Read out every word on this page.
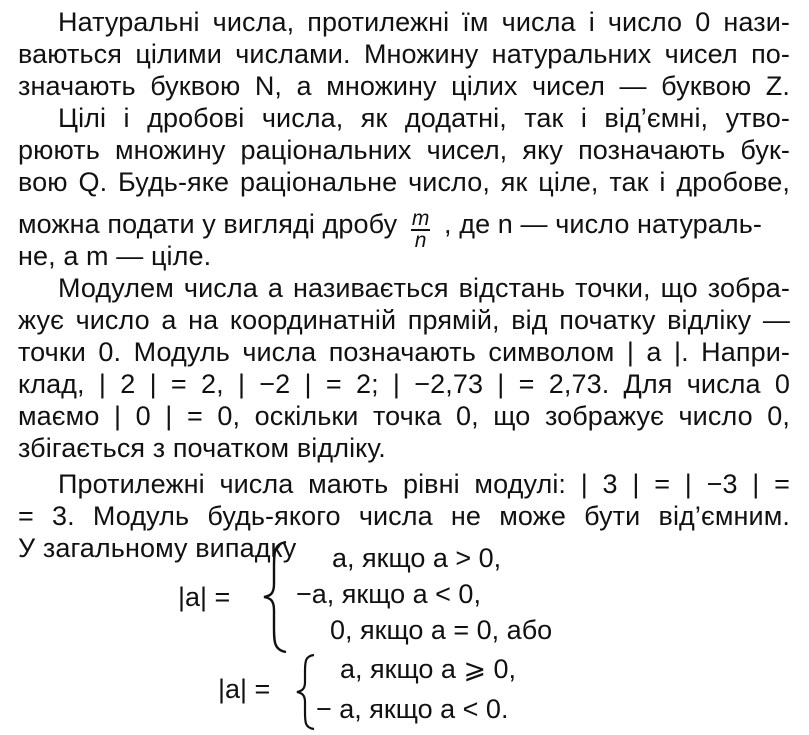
Натуральні числа, протилежні їм числа і число 0 нази-
ваються цілими числами. Множину натуральних чисел по-
значають буквою N, а множину цілих чисел — буквою Z.
Цілі і дробові числа, як додатні, так і від’ємні, утво-
рюють множину раціональних чисел, яку позначають бук-
вою Q. Будь-яке раціональне число, як ціле, так і дробове,
можна подати у вигляді дробу $\frac{m}{n}$ , де n — число натураль-
не, а m — ціле.
Модулем числа a називається відстань точки, що зобра-
жує число a на координатній прямій, від початку відліку —
точки 0. Модуль числа позначають символом | a |. Напри-
клад, | 2 | = 2, | −2 | = 2; | −2,73 | = 2,73. Для числа 0
маємо | 0 | = 0, оскільки точка 0, що зображує число 0,
збігається з початком відліку.
Протилежні числа мають рівні модулі: | 3 | = | −3 | =
= 3. Модуль будь-якого числа не може бути від’ємним.
У загальному випадку
|a| =
a, якщо a > 0,
−a, якщо a < 0,
0, якщо a = 0, або
|a| =
a, якщо a ⩾ 0,
− a, якщо a < 0.
